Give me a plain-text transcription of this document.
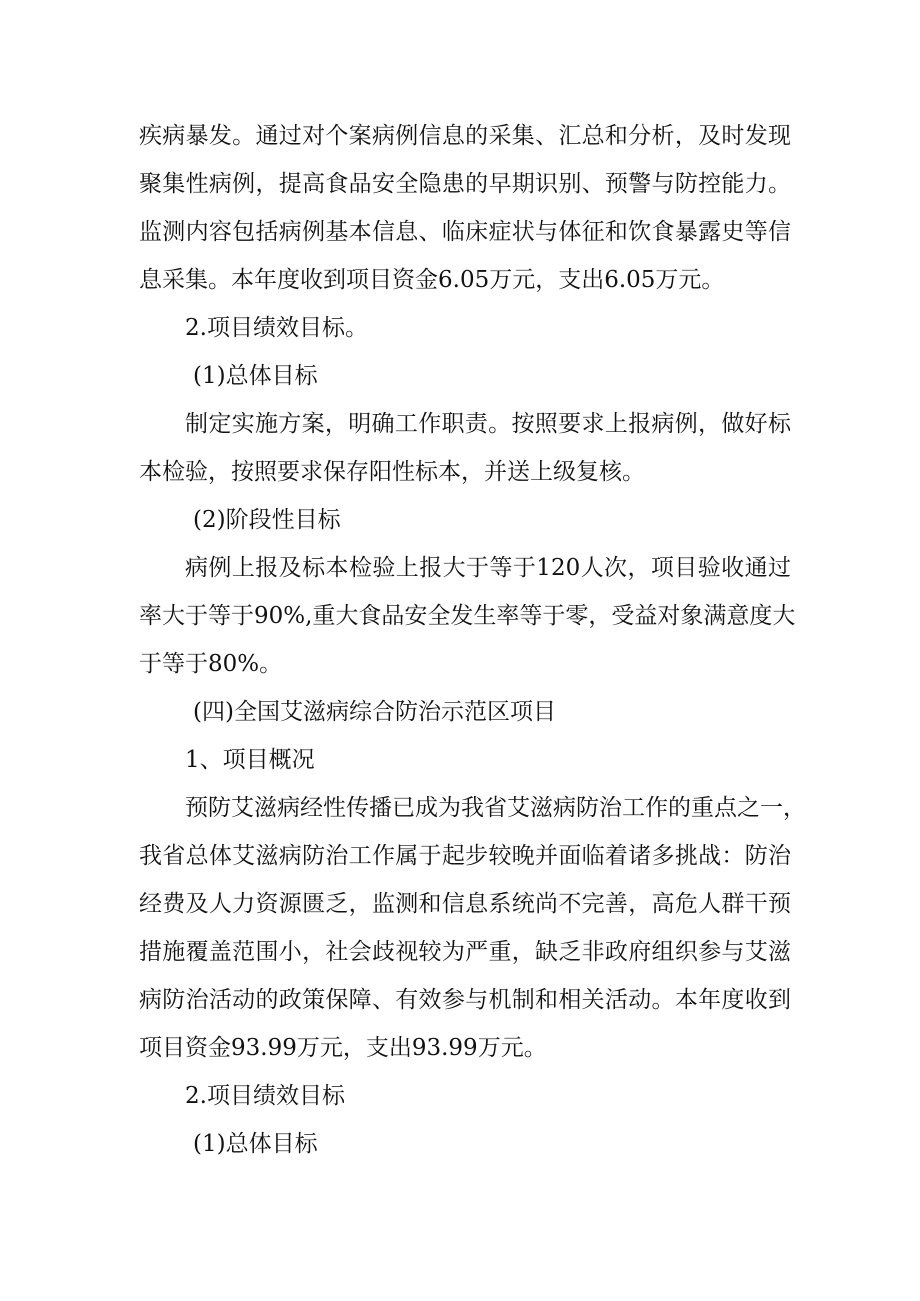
疾病暴发。通过对个案病例信息的采集、汇总和分析，及时发现
聚集性病例，提高食品安全隐患的早期识别、预警与防控能力。
监测内容包括病例基本信息、临床症状与体征和饮食暴露史等信
息采集。本年度收到项目资金6.05万元，支出6.05万元。
2.项目绩效目标。
(1)总体目标
制定实施方案，明确工作职责。按照要求上报病例，做好标
本检验，按照要求保存阳性标本，并送上级复核。
(2)阶段性目标
病例上报及标本检验上报大于等于120人次，项目验收通过
率大于等于90%,重大食品安全发生率等于零，受益对象满意度大
于等于80%。
(四)全国艾滋病综合防治示范区项目
1、项目概况
预防艾滋病经性传播已成为我省艾滋病防治工作的重点之一，
我省总体艾滋病防治工作属于起步较晚并面临着诸多挑战：防治
经费及人力资源匮乏，监测和信息系统尚不完善，高危人群干预
措施覆盖范围小，社会歧视较为严重，缺乏非政府组织参与艾滋
病防治活动的政策保障、有效参与机制和相关活动。本年度收到
项目资金93.99万元，支出93.99万元。
2.项目绩效目标
(1)总体目标
